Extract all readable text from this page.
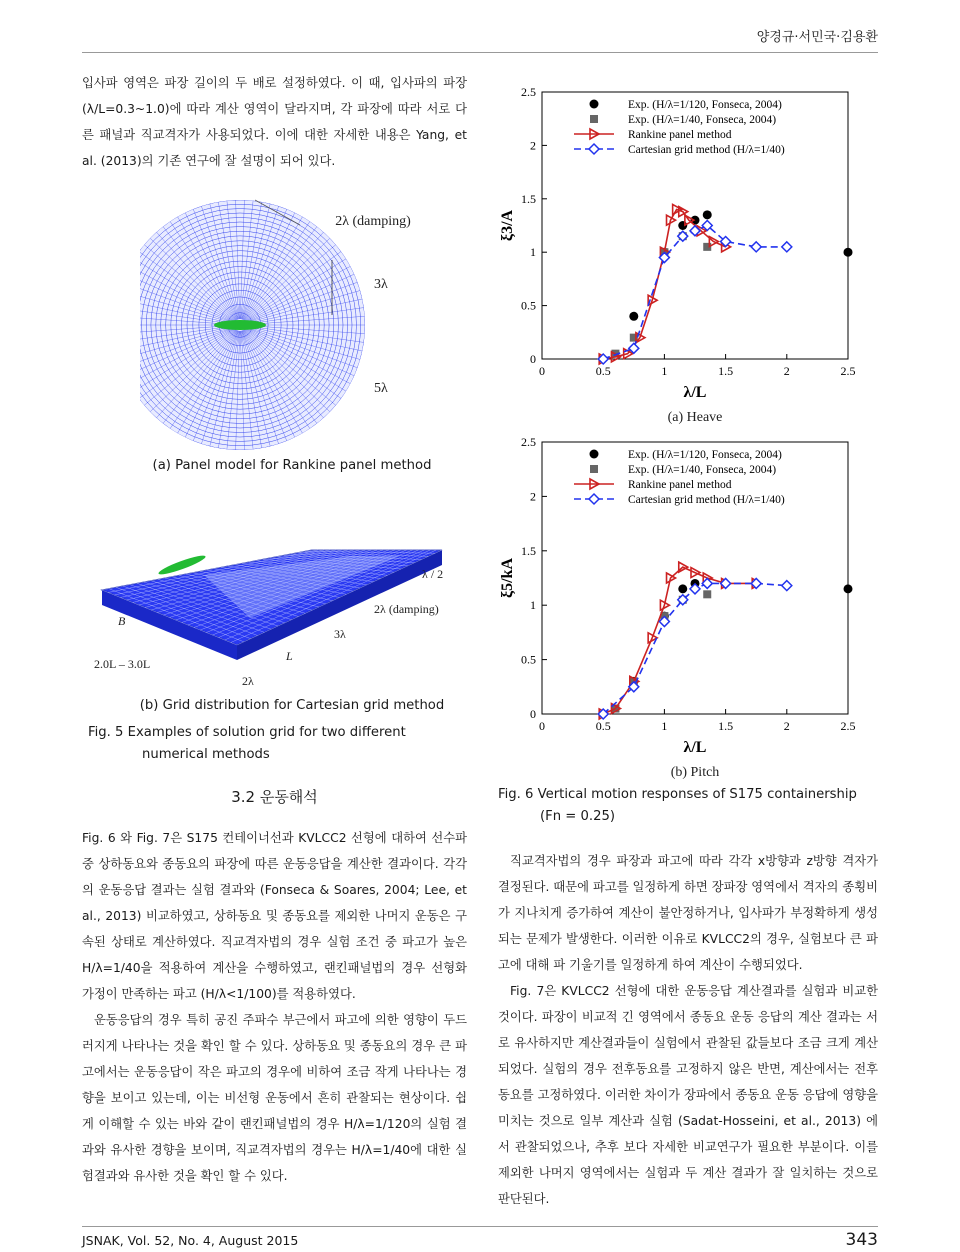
양경규·서민국·김용환

입사파 영역은 파장 길이의 두 배로 설정하였다. 이 때, 입사파의 파장 (λ/L=0.3~1.0)에 따라 계산 영역이 달라지며, 각 파장에 따라 서로 다른 패널과 직교격자가 사용되었다. 이에 대한 자세한 내용은 Yang, et al. (2013)의 기존 연구에 잘 설명이 되어 있다.

2λ (damping)
3λ
5λ
(a) Panel model for Rankine panel method
λ / 2
2λ (damping)
B
3λ
L
2.0L – 3.0L
2λ
(b) Grid distribution for Cartesian grid method
Fig. 5 Examples of solution grid for two different
numerical methods
3.2 운동해석

Fig. 6 와 Fig. 7은 S175 컨테이너선과 KVLCC2 선형에 대하여 선수파 중 상하동요와 종동요의 파장에 따른 운동응답을 계산한 결과이다. 각각의 운동응답 결과는 실험 결과와 (Fonseca & Soares, 2004; Lee, et al., 2013) 비교하였고, 상하동요 및 종동요를 제외한 나머지 운동은 구속된 상태로 계산하였다. 직교격자법의 경우 실험 조건 중 파고가 높은 H/λ=1/40을 적용하여 계산을 수행하였고, 랜킨패널법의 경우 선형화 가정이 만족하는 파고 (H/λ<1/100)를 적용하였다.

운동응답의 경우 특히 공진 주파수 부근에서 파고에 의한 영향이 두드러지게 나타나는 것을 확인 할 수 있다. 상하동요 및 종동요의 경우 큰 파고에서는 운동응답이 작은 파고의 경우에 비하여 조금 작게 나타나는 경향을 보이고 있는데, 이는 비선형 운동에서 흔히 관찰되는 현상이다. 쉽게 이해할 수 있는 바와 같이 랜킨패널법의 경우 H/λ=1/120의 실험 결과와 유사한 경향을 보이며, 직교격자법의 경우는 H/λ=1/40에 대한 실험결과와 유사한 것을 확인 할 수 있다.

0	0.5	1	1.5	2	2.5
0
0.5
1
1.5
2
2.5
λ/L
ξ3/A
(a) Heave
Exp. (H/λ=1/120, Fonseca, 2004)
Exp. (H/λ=1/40, Fonseca, 2004)
Rankine panel method
Cartesian grid method (H/λ=1/40)
0	0.5	1	1.5	2	2.5
0
0.5
1
1.5
2
2.5
λ/L
ξ5/kA
(b) Pitch
Exp. (H/λ=1/120, Fonseca, 2004)
Exp. (H/λ=1/40, Fonseca, 2004)
Rankine panel method
Cartesian grid method (H/λ=1/40)
Fig. 6 Vertical motion responses of S175 containership
(Fn = 0.25)

직교격자법의 경우 파장과 파고에 따라 각각 x방향과 z방향 격자가 결정된다. 때문에 파고를 일정하게 하면 장파장 영역에서 격자의 종횡비가 지나치게 증가하여 계산이 불안정하거나, 입사파가 부정확하게 생성되는 문제가 발생한다. 이러한 이유로 KVLCC2의 경우, 실험보다 큰 파고에 대해 파 기울기를 일정하게 하여 계산이 수행되었다.

Fig. 7은 KVLCC2 선형에 대한 운동응답 계산결과를 실험과 비교한 것이다. 파장이 비교적 긴 영역에서 종동요 운동 응답의 계산 결과는 서로 유사하지만 계산결과들이 실험에서 관찰된 값들보다 조금 크게 계산되었다. 실험의 경우 전후동요를 고정하지 않은 반면, 계산에서는 전후동요를 고정하였다. 이러한 차이가 장파에서 종동요 운동 응답에 영향을 미치는 것으로 일부 계산과 실험 (Sadat-Hosseini, et al., 2013) 에서 관찰되었으나, 추후 보다 자세한 비교연구가 필요한 부분이다. 이를 제외한 나머지 영역에서는 실험과 두 계산 결과가 잘 일치하는 것으로 판단된다.

JSNAK, Vol. 52, No. 4, August 2015	343
